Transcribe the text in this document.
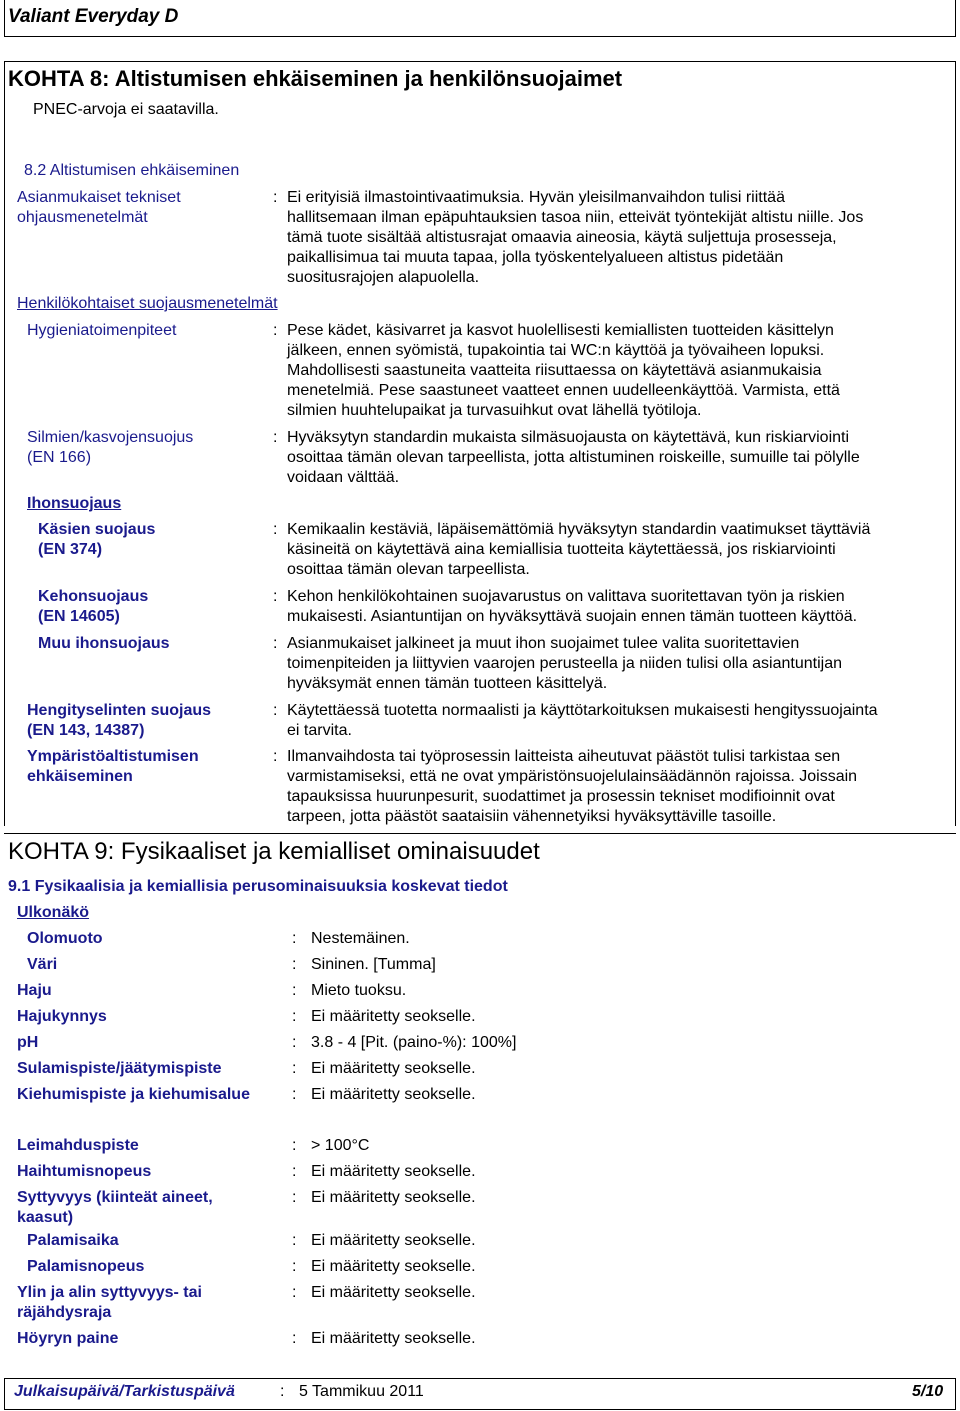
Valiant Everyday D
KOHTA 8: Altistumisen ehkäiseminen ja henkilönsuojaimet
PNEC-arvoja ei saatavilla.
8.2 Altistumisen ehkäiseminen
Asianmukaiset tekniset
ohjausmenetelmät
: Ei erityisiä ilmastointivaatimuksia. Hyvän yleisilmanvaihdon tulisi riittää
hallitsemaan ilman epäpuhtauksien tasoa niin, etteivät työntekijät altistu niille. Jos
tämä tuote sisältää altistusrajat omaavia aineosia, käytä suljettuja prosesseja,
paikallisimua tai muuta tapaa, jolla työskentelyalueen altistus pidetään
suositusrajojen alapuolella.
Henkilökohtaiset suojausmenetelmät
Hygieniatoimenpiteet	: Pese kädet, käsivarret ja kasvot huolellisesti kemiallisten tuotteiden käsittelyn
jälkeen, ennen syömistä, tupakointia tai WC:n käyttöä ja työvaiheen lopuksi.
Mahdollisesti saastuneita vaatteita riisuttaessa on käytettävä asianmukaisia
menetelmiä. Pese saastuneet vaatteet ennen uudelleenkäyttöä. Varmista, että
silmien huuhtelupaikat ja turvasuihkut ovat lähellä työtiloja.
Silmien/kasvojensuojus
(EN 166)
: Hyväksytyn standardin mukaista silmäsuojausta on käytettävä, kun riskiarviointi
osoittaa tämän olevan tarpeellista, jotta altistuminen roiskeille, sumuille tai pölylle
voidaan välttää.
Ihonsuojaus
Käsien suojaus
(EN 374)
: Kemikaalin kestäviä, läpäisemättömiä hyväksytyn standardin vaatimukset täyttäviä
käsineitä on käytettävä aina kemiallisia tuotteita käytettäessä, jos riskiarviointi
osoittaa tämän olevan tarpeellista.
Kehonsuojaus
(EN 14605)
: Kehon henkilökohtainen suojavarustus on valittava suoritettavan työn ja riskien
mukaisesti. Asiantuntijan on hyväksyttävä suojain ennen tämän tuotteen käyttöä.
Muu ihonsuojaus	: Asianmukaiset jalkineet ja muut ihon suojaimet tulee valita suoritettavien
toimenpiteiden ja liittyvien vaarojen perusteella ja niiden tulisi olla asiantuntijan
hyväksymät ennen tämän tuotteen käsittelyä.
Hengityselinten suojaus
(EN 143, 14387)
: Käytettäessä tuotetta normaalisti ja käyttötarkoituksen mukaisesti hengityssuojainta
ei tarvita.
Ympäristöaltistumisen
ehkäiseminen
: Ilmanvaihdosta tai työprosessin laitteista aiheutuvat päästöt tulisi tarkistaa sen
varmistamiseksi, että ne ovat ympäristönsuojelulainsäädännön rajoissa. Joissain
tapauksissa huurunpesurit, suodattimet ja prosessin tekniset modifioinnit ovat
tarpeen, jotta päästöt saataisiin vähennetyiksi hyväksyttäville tasoille.
KOHTA 9: Fysikaaliset ja kemialliset ominaisuudet
9.1 Fysikaalisia ja kemiallisia perusominaisuuksia koskevat tiedot
Ulkonäkö
Olomuoto	: Nestemäinen.
Väri	: Sininen. [Tumma]
Haju	: Mieto tuoksu.
Hajukynnys	: Ei määritetty seokselle.
pH	: 3.8 - 4 [Pit. (paino-%): 100%]
Sulamispiste/jäätymispiste	: Ei määritetty seokselle.
Kiehumispiste ja kiehumisalue	: Ei määritetty seokselle.
Leimahduspiste	: > 100°C
Haihtumisnopeus	: Ei määritetty seokselle.
Syttyvyys (kiinteät aineet,
kaasut)
: Ei määritetty seokselle.
Palamisaika	: Ei määritetty seokselle.
Palamisnopeus	: Ei määritetty seokselle.
Ylin ja alin syttyvyys- tai
räjähdysraja
: Ei määritetty seokselle.
Höyryn paine	: Ei määritetty seokselle.
Julkaisupäivä/Tarkistuspäivä	: 5 Tammikuu 2011	5/10
